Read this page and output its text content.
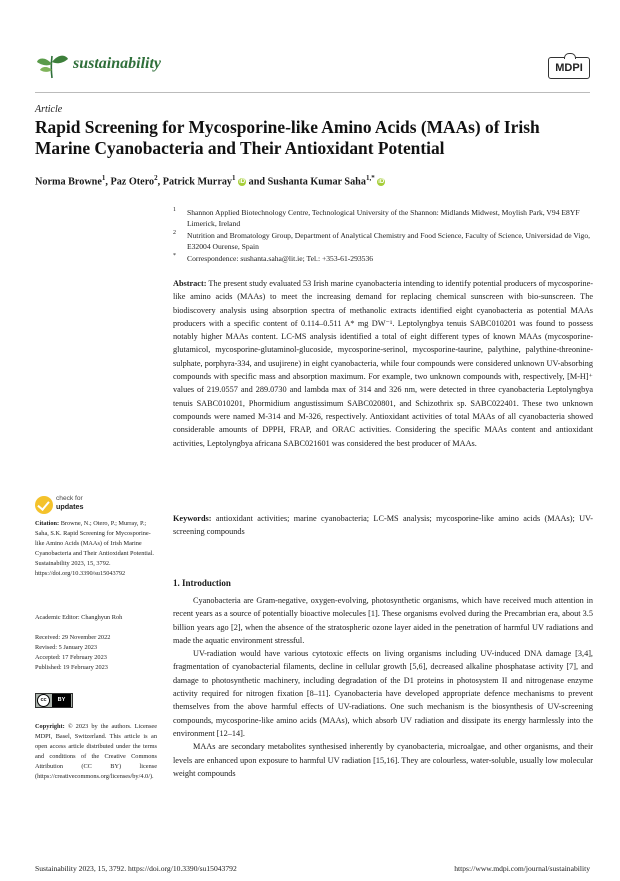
sustainability	MDPI
Article
Rapid Screening for Mycosporine-like Amino Acids (MAAs) of Irish Marine Cyanobacteria and Their Antioxidant Potential
Norma Browne$^1$, Paz Otero$^2$, Patrick Murray$^1$ iD and Sushanta Kumar Saha$^{1,*}$ iD
1 Shannon Applied Biotechnology Centre, Technological University of the Shannon: Midlands Midwest, Moylish Park, V94 E8YF Limerick, Ireland
2 Nutrition and Bromatology Group, Department of Analytical Chemistry and Food Science, Faculty of Science, Universidad de Vigo, E32004 Ourense, Spain
* Correspondence: sushanta.saha@lit.ie; Tel.: +353-61-293536
Abstract: The present study evaluated 53 Irish marine cyanobacteria intending to identify potential producers of mycosporine-like amino acids (MAAs) to meet the increasing demand for replacing chemical sunscreen with bio-sunscreen. The biodiscovery analysis using absorption spectra of methanolic extracts identified eight cyanobacteria as potential MAAs producers with a specific content of 0.114–0.511 A* mg DW⁻¹. Leptolyngbya tenuis SABC010201 was found to possess notably higher MAAs content. LC-MS analysis identified a total of eight different types of known MAAs (mycosporine-glutamicol, mycosporine-glutaminol-glucoside, mycosporine-serinol, mycosporine-taurine, palythine, palythine-threonine-sulphate, porphyra-334, and usujirene) in eight cyanobacteria, while four compounds were considered unknown UV-absorbing compounds with specific mass and absorption maximum. For example, two unknown compounds with, respectively, [M-H]⁺ values of 219.0557 and 289.0730 and lambda max of 314 and 326 nm, were detected in three cyanobacteria Leptolyngbya tenuis SABC010201, Phormidium angustissimum SABC020801, and Schizothrix sp. SABC022401. These two unknown compounds were named M-314 and M-326, respectively. Antioxidant activities of total MAAs of all cyanobacteria showed considerable amounts of DPPH, FRAP, and ORAC activities. Considering the specific MAAs content and antioxidant activities, Leptolyngbya africana SABC021601 was considered the best producer of MAAs.
Keywords: antioxidant activities; marine cyanobacteria; LC-MS analysis; mycosporine-like amino acids (MAAs); UV-screening compounds
1. Introduction

Cyanobacteria are Gram-negative, oxygen-evolving, photosynthetic organisms, which have received much attention in recent years as a source of potentially bioactive molecules [1]. These organisms evolved during the Precambrian era, about 3.5 billion years ago [2], when the absence of the stratospheric ozone layer aided in the penetration of harmful UV radiations and made the aquatic environment stressful.

UV-radiation would have various cytotoxic effects on living organisms including UV-induced DNA damage [3,4], fragmentation of cyanobacterial filaments, decline in cellular growth [5,6], decreased alkaline phosphatase activity [7], and damage to photosynthetic machinery, including degradation of the D1 proteins in photosystem II and nitrogenase enzyme activity required for nitrogen fixation [8–11]. Cyanobacteria have developed appropriate defence mechanisms to prevent themselves from the above harmful effects of UV-radiations. One such mechanism is the biosynthesis of UV-screening compounds, mycosporine-like amino acids (MAAs), which absorb UV radiation and dissipate its energy harmlessly into the environment [12–14].

MAAs are secondary metabolites synthesised inherently by cyanobacteria, microalgae, and other organisms, and their levels are enhanced upon exposure to harmful UV radiation [15,16]. They are colourless, water-soluble, usually low molecular weight compounds

check for
updates
Citation: Browne, N.; Otero, P.; Murray, P.; Saha, S.K. Rapid Screening for Mycosporine-like Amino Acids (MAAs) of Irish Marine Cyanobacteria and Their Antioxidant Potential. Sustainability 2023, 15, 3792. https://doi.org/10.3390/su15043792
Academic Editor: Changhyun Roh
Received: 29 November 2022
Revised: 5 January 2023
Accepted: 17 February 2023
Published: 19 February 2023
cc	BY
Copyright: © 2023 by the authors. Licensee MDPI, Basel, Switzerland. This article is an open access article distributed under the terms and conditions of the Creative Commons Attribution (CC BY) license (https://creativecommons.org/licenses/by/4.0/).
Sustainability 2023, 15, 3792. https://doi.org/10.3390/su15043792	https://www.mdpi.com/journal/sustainability
